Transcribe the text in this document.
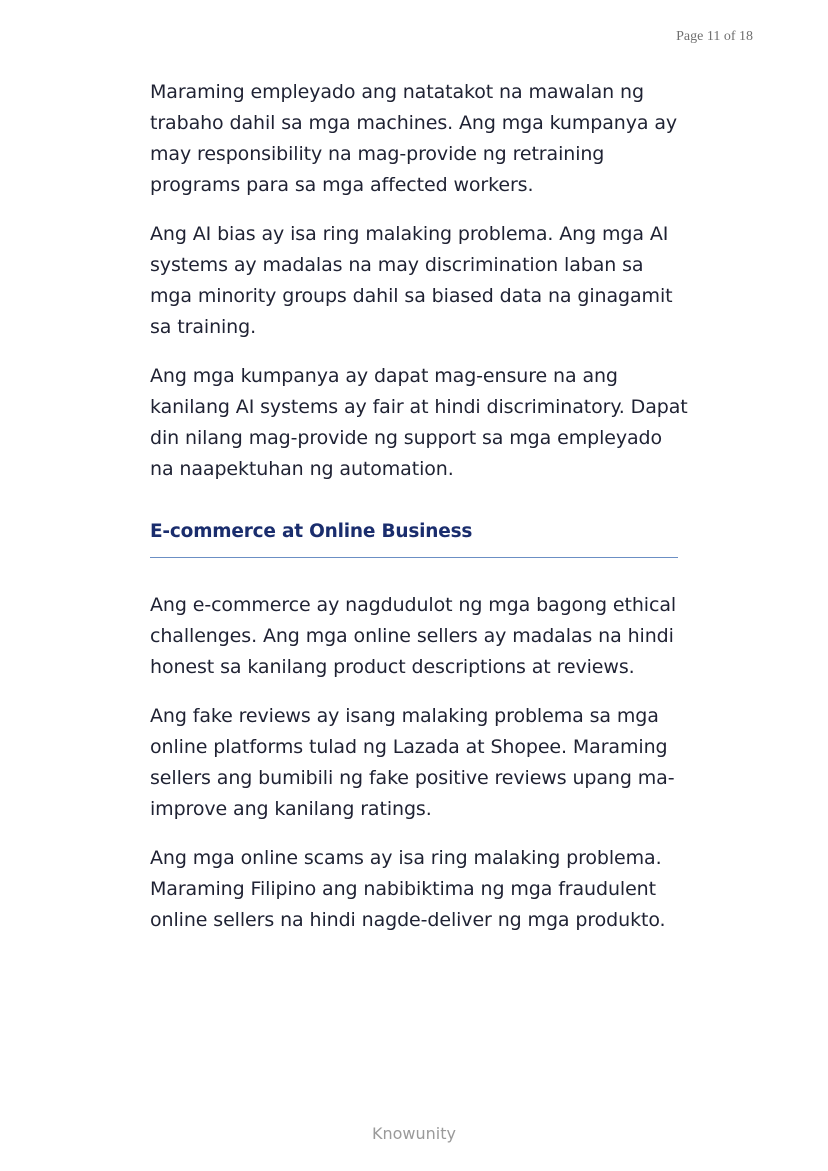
Page 11 of 18

Maraming empleyado ang natatakot na mawalan ng trabaho dahil sa mga machines. Ang mga kumpanya ay may responsibility na mag-provide ng retraining programs para sa mga affected workers.

Ang AI bias ay isa ring malaking problema. Ang mga AI systems ay madalas na may discrimination laban sa mga minority groups dahil sa biased data na ginagamit sa training.

Ang mga kumpanya ay dapat mag-ensure na ang kanilang AI systems ay fair at hindi discriminatory. Dapat din nilang mag-provide ng support sa mga empleyado na naapektuhan ng automation.

E-commerce at Online Business

Ang e-commerce ay nagdudulot ng mga bagong ethical challenges. Ang mga online sellers ay madalas na hindi honest sa kanilang product descriptions at reviews.

Ang fake reviews ay isang malaking problema sa mga online platforms tulad ng Lazada at Shopee. Maraming sellers ang bumibili ng fake positive reviews upang ma-improve ang kanilang ratings.

Ang mga online scams ay isa ring malaking problema. Maraming Filipino ang nabibiktima ng mga fraudulent online sellers na hindi nagde-deliver ng mga produkto.

Knowunity
